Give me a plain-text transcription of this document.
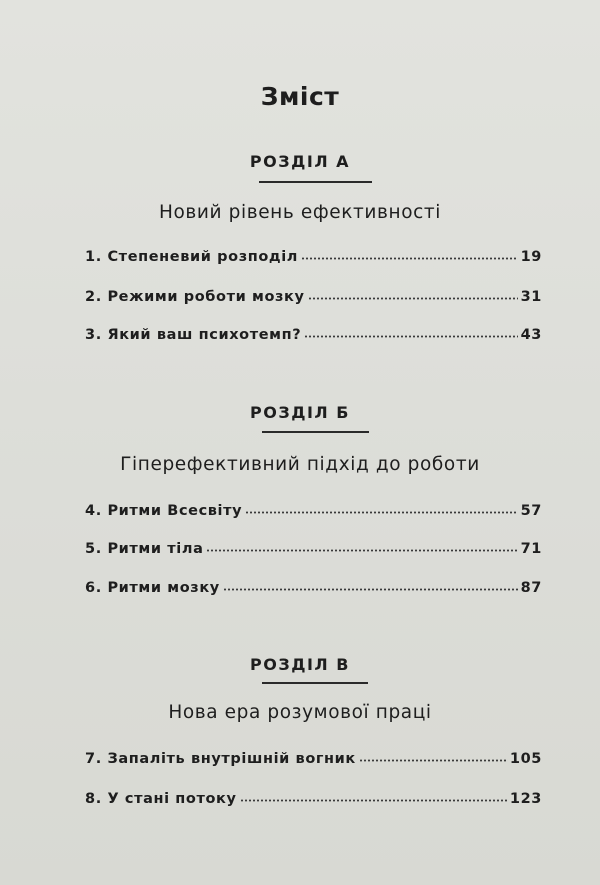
Зміст
РОЗДІЛ А
Новий рівень ефективності
1. Степеневий розподіл	19
2. Режими роботи мозку	31
3. Який ваш психотемп?	43
РОЗДІЛ Б
Гіперефективний підхід до роботи
4. Ритми Всесвіту	57
5. Ритми тіла	71
6. Ритми мозку	87
РОЗДІЛ В
Нова ера розумової праці
7. Запаліть внутрішній вогник	105
8. У стані потоку	123
